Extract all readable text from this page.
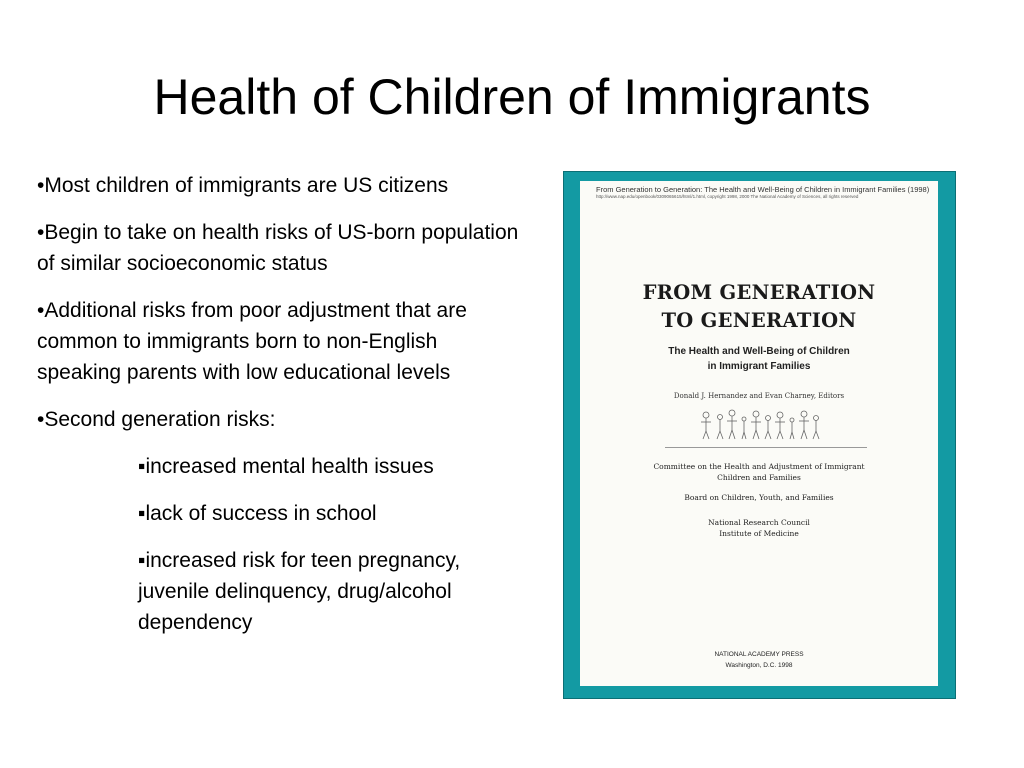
Health of Children of Immigrants

•Most children of immigrants are US citizens

•Begin to take on health risks of US-born population of similar socioeconomic status

•Additional risks from poor adjustment that are common to immigrants born to non-English speaking parents with low educational levels

•Second generation risks:

▪increased mental health issues

▪lack of success in school

▪increased risk for teen pregnancy, juvenile delinquency, drug/alcohol dependency

From Generation to Generation: The Health and Well-Being of Children in Immigrant Families (1998)
http://www.nap.edu/openbook/0309065615/html/1.html, copyright 1998, 2000 The National Academy of Sciences, all rights reserved
FROM GENERATION
TO GENERATION
The Health and Well-Being of Children
in Immigrant Families
Donald J. Hernandez and Evan Charney, Editors
Committee on the Health and Adjustment of Immigrant
Children and Families
Board on Children, Youth, and Families
National Research Council
Institute of Medicine
NATIONAL ACADEMY PRESS
Washington, D.C. 1998
